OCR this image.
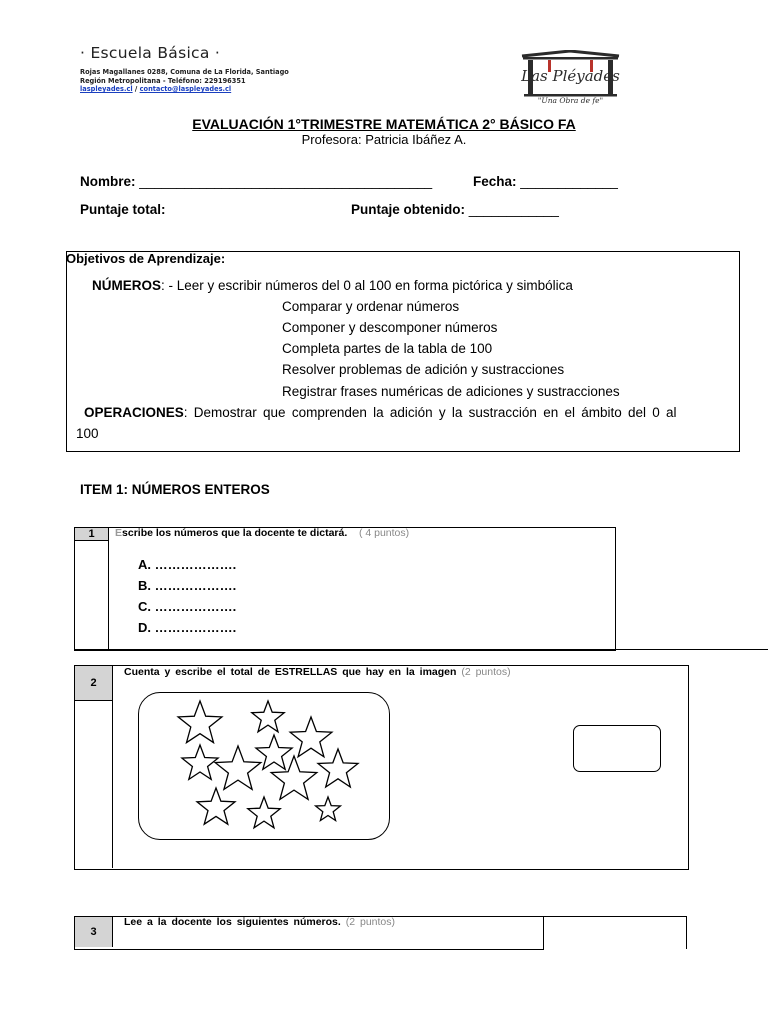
· Escuela Básica ·
Rojas Magallanes 0288, Comuna de La Florida, Santiago
Región Metropolitana - Teléfono: 229196351
laspleyades.cl / contacto@laspleyades.cl
Las Pléyades
"Una Obra de fe"
EVALUACIÓN 1°TRIMESTRE MATEMÁTICA 2° BÁSICO FA
Profesora: Patricia Ibáñez A.
Nombre: _______________________________________	Fecha: _____________
Puntaje total:	Puntaje obtenido: ____________
Objetivos de Aprendizaje:
NÚMEROS: - Leer y escribir números del 0 al 100 en forma pictórica y simbólica
Comparar y ordenar números
Componer y descomponer números
Completa partes de la tabla de 100
Resolver problemas de adición y sustracciones
Registrar frases numéricas de adiciones y sustracciones
OPERACIONES: Demostrar que comprenden la adición y la sustracción en el ámbito del 0 al
100
ITEM 1: NÚMEROS ENTEROS
1	Escribe los números que la docente te dictará. ( 4 puntos)
A. ……………….
B. ……………….
C. ……………….
D. ……………….
2
Cuenta y escribe el total de ESTRELLAS que hay en la imagen (2 puntos)
3
Lee a la docente los siguientes números. (2 puntos)
